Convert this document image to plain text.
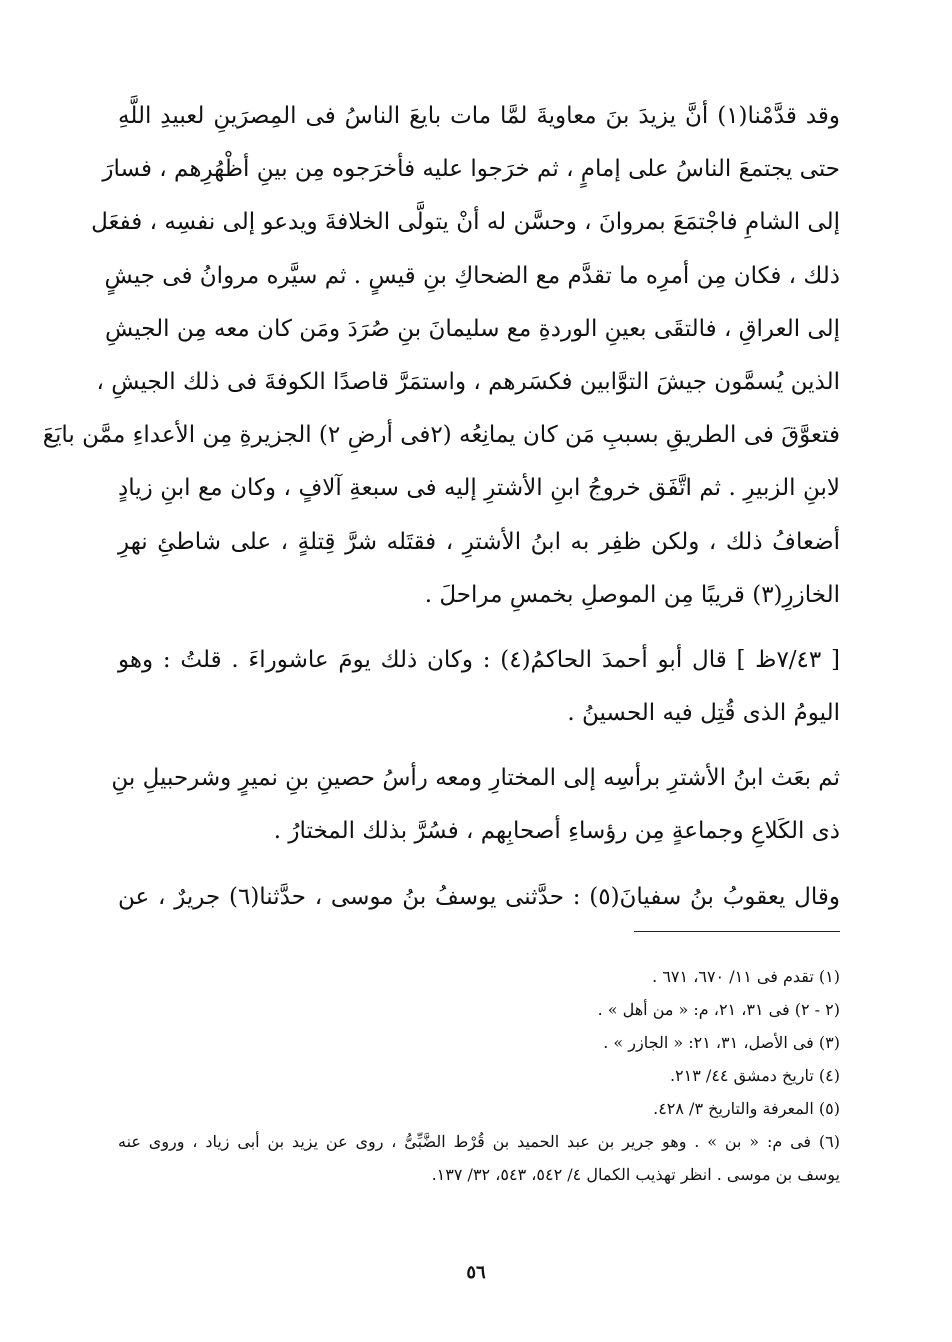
وقد قدَّمْنا(١) أنَّ يزيدَ بنَ معاويةَ لمَّا مات بايعَ الناسُ فى المِصرَينِ لعبيدِ اللَّهِ
حتى يجتمعَ الناسُ على إمامٍ ، ثم خرَجوا عليه فأخرَجوه مِن بينِ أظْهُرِهم ، فسارَ
إلى الشامِ فاجْتمَعَ بمروانَ ، وحسَّن له أنْ يتولَّى الخلافةَ ويدعو إلى نفسِه ، ففعَل
ذلك ، فكان مِن أمرِه ما تقدَّم مع الضحاكِ بنِ قيسٍ . ثم سيَّره مروانُ فى جيشٍ
إلى العراقِ ، فالتقَى بعينِ الوردةِ مع سليمانَ بنِ صُرَدَ ومَن كان معه مِن الجيشِ
الذين يُسمَّون جيشَ التوَّابين فكسَرهم ، واستمَرَّ قاصدًا الكوفةَ فى ذلك الجيشِ ،
فتعوَّقَ فى الطريقِ بسببِ مَن كان يمانِعُه (٢فى أرضِ ٢) الجزيرةِ مِن الأعداءِ ممَّن بايَعَ
لابنِ الزبيرِ . ثم اتَّفَق خروجُ ابنِ الأشترِ إليه فى سبعةِ آلافٍ ، وكان مع ابنِ زيادٍ
أضعافُ ذلك ، ولكن ظفِر به ابنُ الأشترِ ، فقتَله شرَّ قِتلةٍ ، على شاطئِ نهرِ
الخازرِ(٣) قريبًا مِن الموصلِ بخمسِ مراحلَ .

[ ٧/٤٣ظ ] قال أبو أحمدَ الحاكمُ(٤) : وكان ذلك يومَ عاشوراءَ . قلتُ : وهو
اليومُ الذى قُتِل فيه الحسينُ .

ثم بعَث ابنُ الأشترِ برأسِه إلى المختارِ ومعه رأسُ حصينِ بنِ نميرٍ وشرحبيلِ بنِ
ذى الكَلاعِ وجماعةٍ مِن رؤساءِ أصحابِهم ، فسُرَّ بذلك المختارُ .

وقال يعقوبُ بنُ سفيانَ(٥) : حدَّثنى يوسفُ بنُ موسى ، حدَّثنا(٦) جريرٌ ، عن

(١) تقدم فى ١١/ ٦٧٠، ٦٧١ .
(٢ - ٢) فى ٣١، ٢١، م: « من أهل » .
(٣) فى الأصل، ٣١، ٢١: « الجازر » .
(٤) تاريخ دمشق ٤٤/ ٢١٣.
(٥) المعرفة والتاريخ ٣/ ٤٢٨.
(٦) فى م: « بن » . وهو جرير بن عبد الحميد بن قُرْط الضَّبِّىُّ ، روى عن يزيد بن أبى زياد ، وروى عنه
يوسف بن موسى . انظر تهذيب الكمال ٤/ ٥٤٢، ٥٤٣، ٣٢/ ١٣٧.
٥٦
